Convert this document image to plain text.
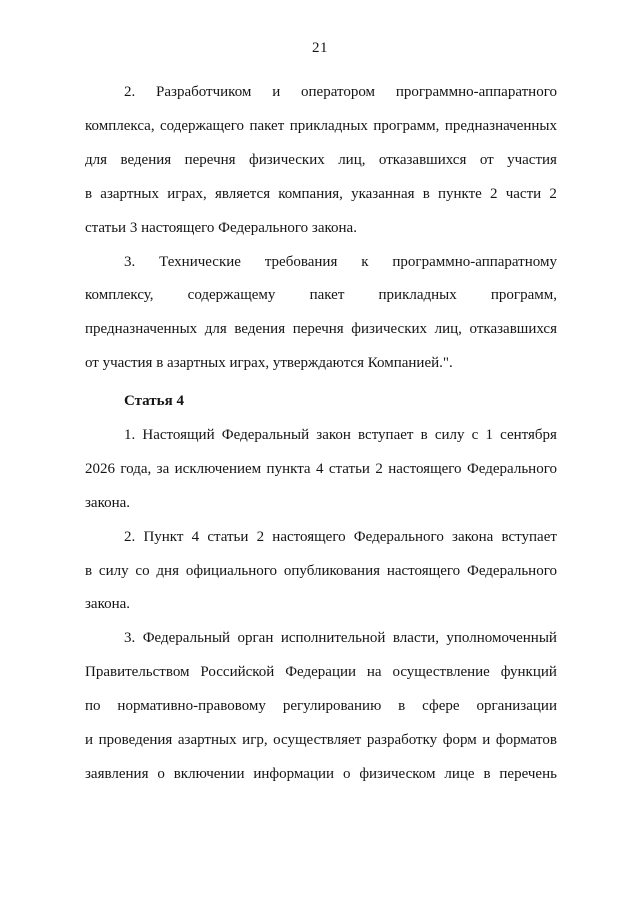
21
2. Разработчиком и оператором программно-аппаратного
комплекса, содержащего пакет прикладных программ, предназначенных
для ведения перечня физических лиц, отказавшихся от участия
в азартных играх, является компания, указанная в пункте 2 части 2
статьи 3 настоящего Федерального закона.
3. Технические требования к программно-аппаратному
комплексу, содержащему пакет прикладных программ,
предназначенных для ведения перечня физических лиц, отказавшихся
от участия в азартных играх, утверждаются Компанией.".
Статья 4
1. Настоящий Федеральный закон вступает в силу с 1 сентября
2026 года, за исключением пункта 4 статьи 2 настоящего Федерального
закона.
2. Пункт 4 статьи 2 настоящего Федерального закона вступает
в силу со дня официального опубликования настоящего Федерального
закона.
3. Федеральный орган исполнительной власти, уполномоченный
Правительством Российской Федерации на осуществление функций
по нормативно-правовому регулированию в сфере организации
и проведения азартных игр, осуществляет разработку форм и форматов
заявления о включении информации о физическом лице в перечень
